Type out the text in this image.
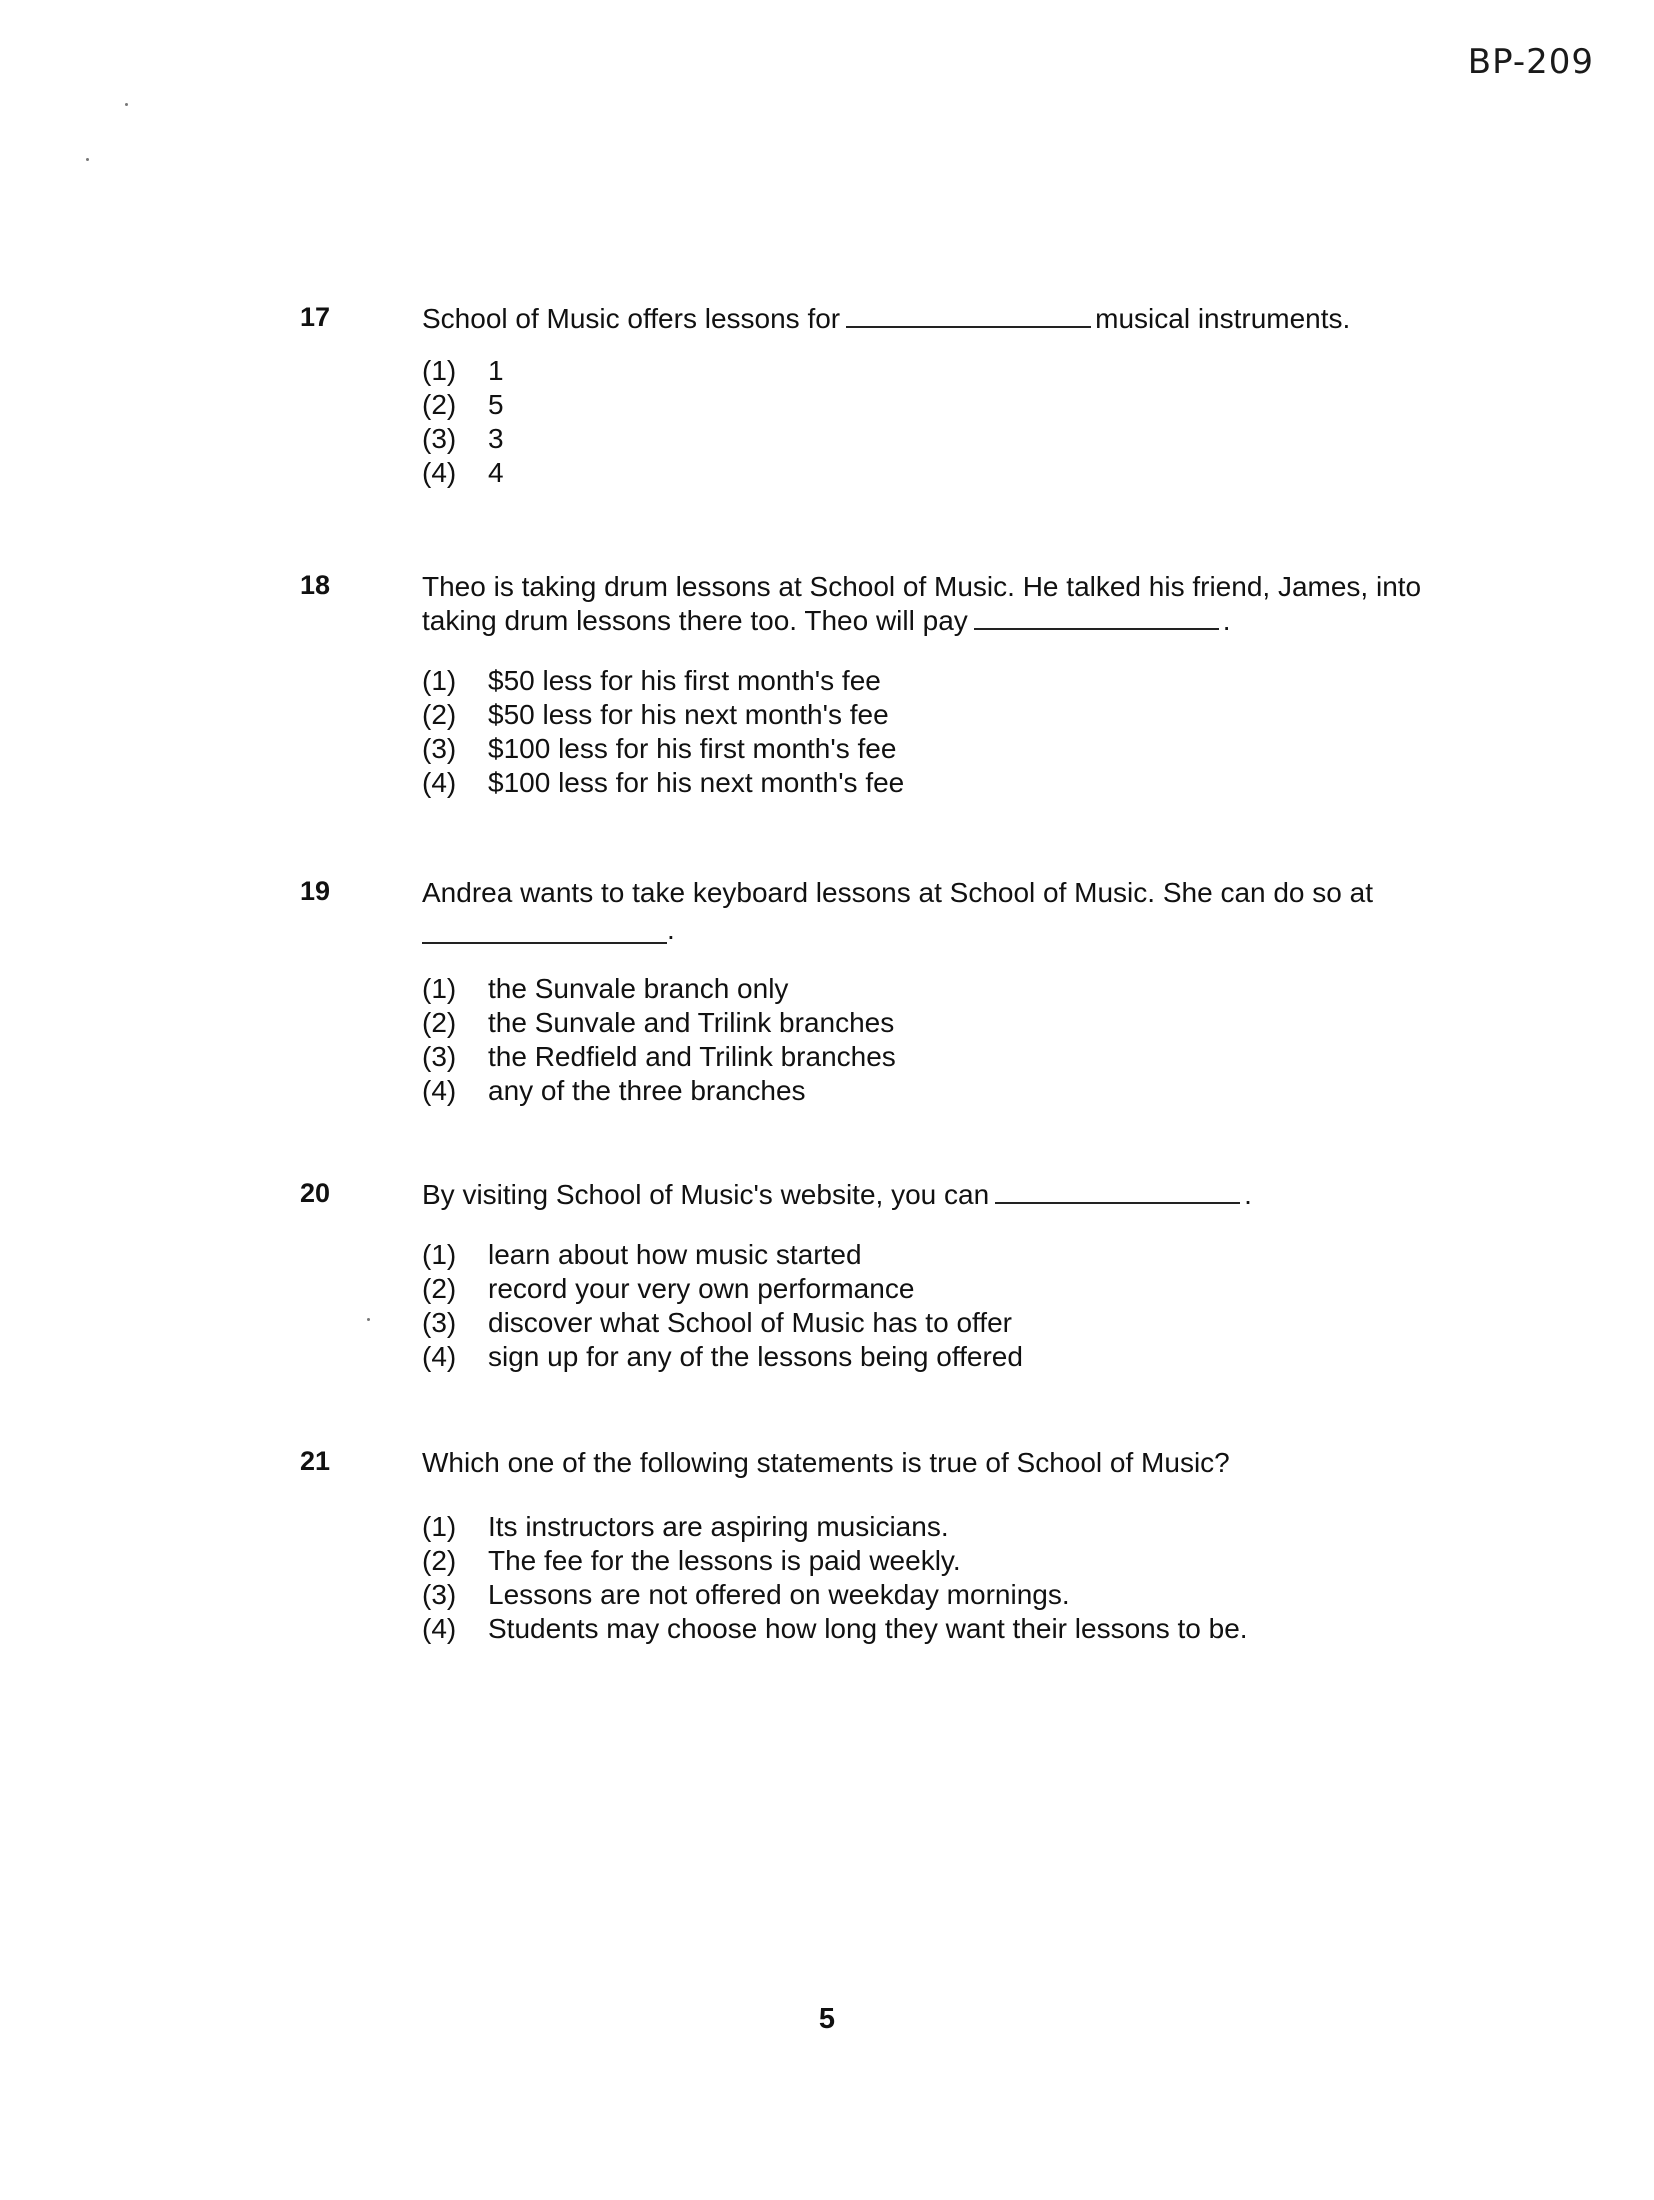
BP-209
17	School of Music offers lessons for	musical instruments.

(1)	1
(2)	5
(3)	3
(4)	4
18	Theo is taking drum lessons at School of Music. He talked his friend, James, into
taking drum lessons there too. Theo will pay	.

(1)	$50 less for his first month's fee
(2)	$50 less for his next month's fee
(3)	$100 less for his first month's fee
(4)	$100 less for his next month's fee
19	Andrea wants to take keyboard lessons at School of Music. She can do so at

.
(1)	the Sunvale branch only
(2)	the Sunvale and Trilink branches
(3)	the Redfield and Trilink branches
(4)	any of the three branches
20	By visiting School of Music's website, you can	.

(1)	learn about how music started
(2)	record your very own performance
(3)	discover what School of Music has to offer
(4)	sign up for any of the lessons being offered
21	Which one of the following statements is true of School of Music?

(1)	Its instructors are aspiring musicians.
(2)	The fee for the lessons is paid weekly.
(3)	Lessons are not offered on weekday mornings.
(4)	Students may choose how long they want their lessons to be.
5
